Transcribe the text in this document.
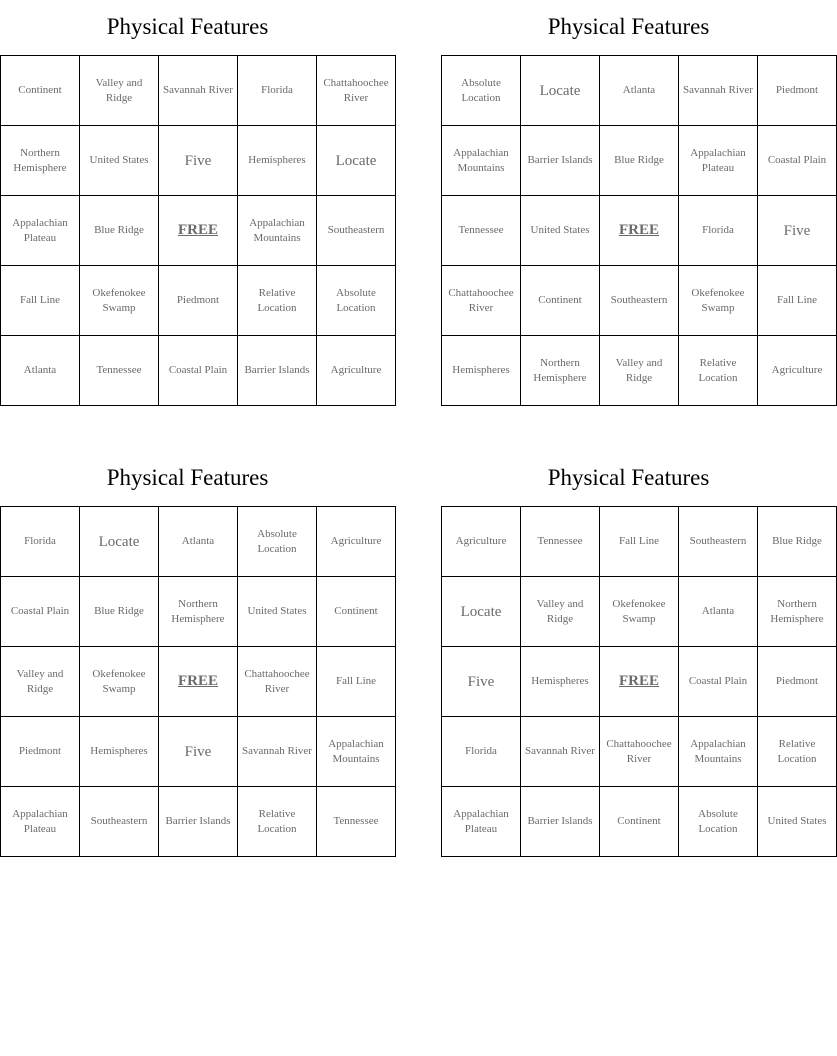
Physical Features
Continent	Valley and Ridge	Savannah River	Florida	Chattahoochee River
Northern Hemisphere	United States	Five	Hemispheres	Locate
Appalachian Plateau	Blue Ridge	FREE	Appalachian Mountains	Southeastern
Fall Line	Okefenokee Swamp	Piedmont	Relative Location	Absolute Location
Atlanta	Tennessee	Coastal Plain	Barrier Islands	Agriculture
Physical Features
Absolute Location	Locate	Atlanta	Savannah River	Piedmont
Appalachian Mountains	Barrier Islands	Blue Ridge	Appalachian Plateau	Coastal Plain
Tennessee	United States	FREE	Florida	Five
Chattahoochee River	Continent	Southeastern	Okefenokee Swamp	Fall Line
Hemispheres	Northern Hemisphere	Valley and Ridge	Relative Location	Agriculture
Physical Features
Florida	Locate	Atlanta	Absolute Location	Agriculture
Coastal Plain	Blue Ridge	Northern Hemisphere	United States	Continent
Valley and Ridge	Okefenokee Swamp	FREE	Chattahoochee River	Fall Line
Piedmont	Hemispheres	Five	Savannah River	Appalachian Mountains
Appalachian Plateau	Southeastern	Barrier Islands	Relative Location	Tennessee
Physical Features
Agriculture	Tennessee	Fall Line	Southeastern	Blue Ridge
Locate	Valley and Ridge	Okefenokee Swamp	Atlanta	Northern Hemisphere
Five	Hemispheres	FREE	Coastal Plain	Piedmont
Florida	Savannah River	Chattahoochee River	Appalachian Mountains	Relative Location
Appalachian Plateau	Barrier Islands	Continent	Absolute Location	United States
